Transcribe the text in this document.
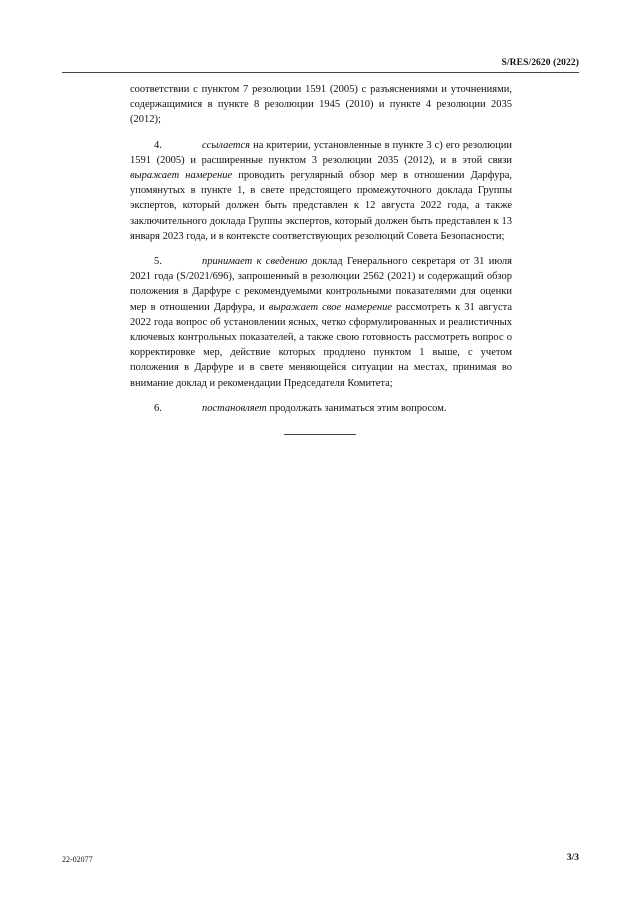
S/RES/2620 (2022)

соответствии с пунктом 7 резолюции 1591 (2005) с разъяснениями и уточнениями, содержащимися в пункте 8 резолюции 1945 (2010) и пункте 4 резолюции 2035 (2012);

4.	ссылается на критерии, установленные в пункте 3 c) его резолюции 1591 (2005) и расширенные пунктом 3 резолюции 2035 (2012), и в этой связи выражает намерение проводить регулярный обзор мер в отношении Дарфура, упомянутых в пункте 1, в свете предстоящего промежуточного доклада Группы экспертов, который должен быть представлен к 12 августа 2022 года, а также заключительного доклада Группы экспертов, который должен быть представлен к 13 января 2023 года, и в контексте соответствующих резолюций Совета Безопасности;

5.	принимает к сведению доклад Генерального секретаря от 31 июля 2021 года (S/2021/696), запрошенный в резолюции 2562 (2021) и содержащий обзор положения в Дарфуре с рекомендуемыми контрольными показателями для оценки мер в отношении Дарфура, и выражает свое намерение рассмотреть к 31 августа 2022 года вопрос об установлении ясных, четко сформулированных и реалистичных ключевых контрольных показателей, а также свою готовность рассмотреть вопрос о корректировке мер, действие которых продлено пунктом 1 выше, с учетом положения в Дарфуре и в свете меняющейся ситуации на местах, принимая во внимание доклад и рекомендации Председателя Комитета;

6.	постановляет продолжать заниматься этим вопросом.

22-02077	3/3
